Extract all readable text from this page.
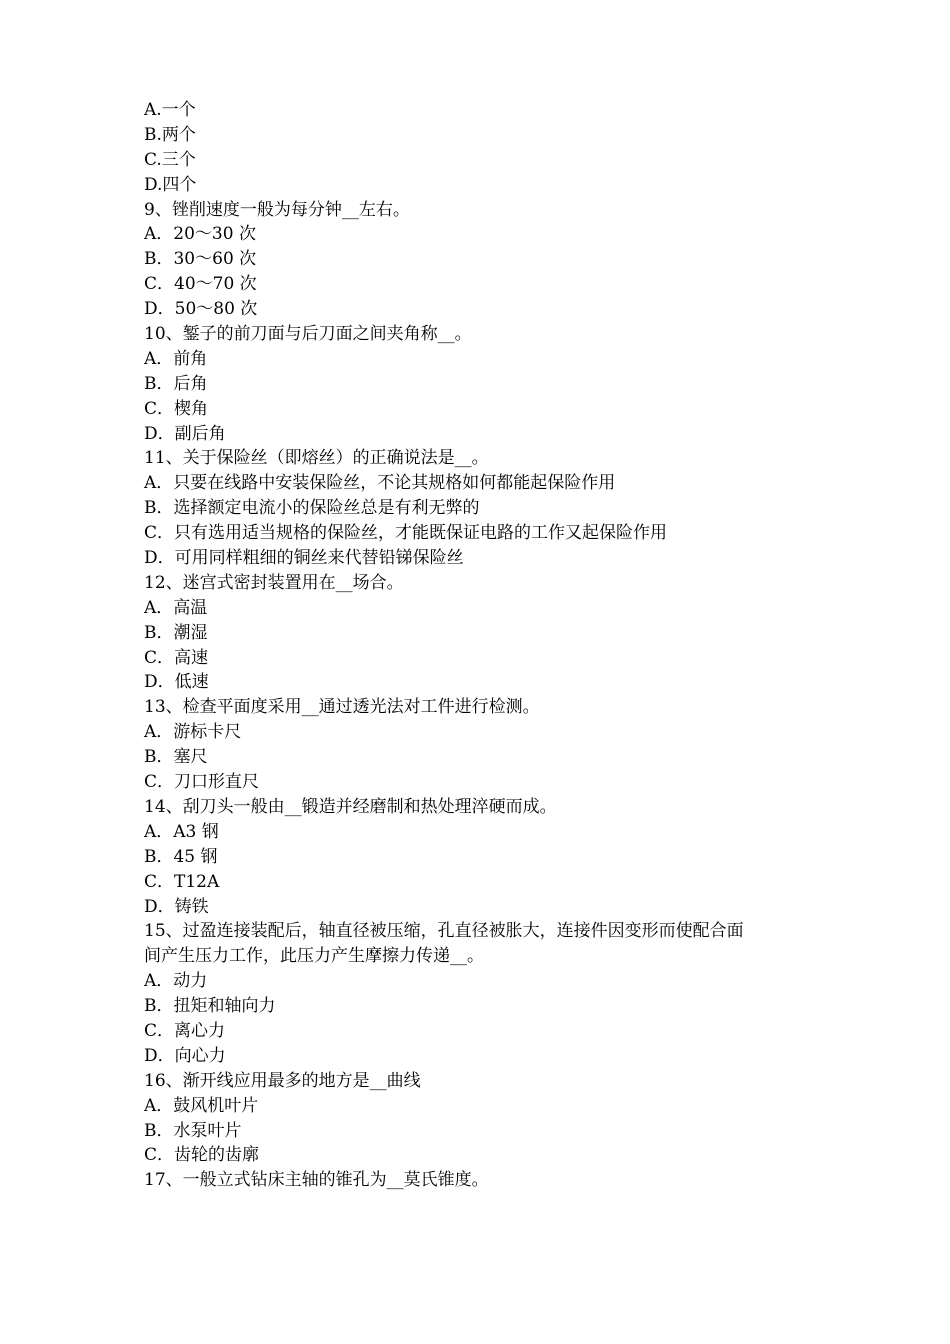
A.一个
B.两个
C.三个
D.四个
9、锉削速度一般为每分钟__左右。
A．20～30 次
B．30～60 次
C．40～70 次
D．50～80 次
10、錾子的前刀面与后刀面之间夹角称__。
A．前角
B．后角
C．楔角
D．副后角
11、关于保险丝（即熔丝）的正确说法是__。
A．只要在线路中安装保险丝，不论其规格如何都能起保险作用
B．选择额定电流小的保险丝总是有利无弊的
C．只有选用适当规格的保险丝，才能既保证电路的工作又起保险作用
D．可用同样粗细的铜丝来代替铅锑保险丝
12、迷宫式密封装置用在__场合。
A．高温
B．潮湿
C．高速
D．低速
13、检查平面度采用__通过透光法对工件进行检测。
A．游标卡尺
B．塞尺
C．刀口形直尺
14、刮刀头一般由__锻造并经磨制和热处理淬硬而成。
A．A3 钢
B．45 钢
C．T12A
D．铸铁
15、过盈连接装配后，轴直径被压缩，孔直径被胀大，连接件因变形而使配合面
间产生压力工作，此压力产生摩擦力传递__。
A．动力
B．扭矩和轴向力
C．离心力
D．向心力
16、渐开线应用最多的地方是__曲线
A．鼓风机叶片
B．水泵叶片
C．齿轮的齿廓
17、一般立式钻床主轴的锥孔为__莫氏锥度。
